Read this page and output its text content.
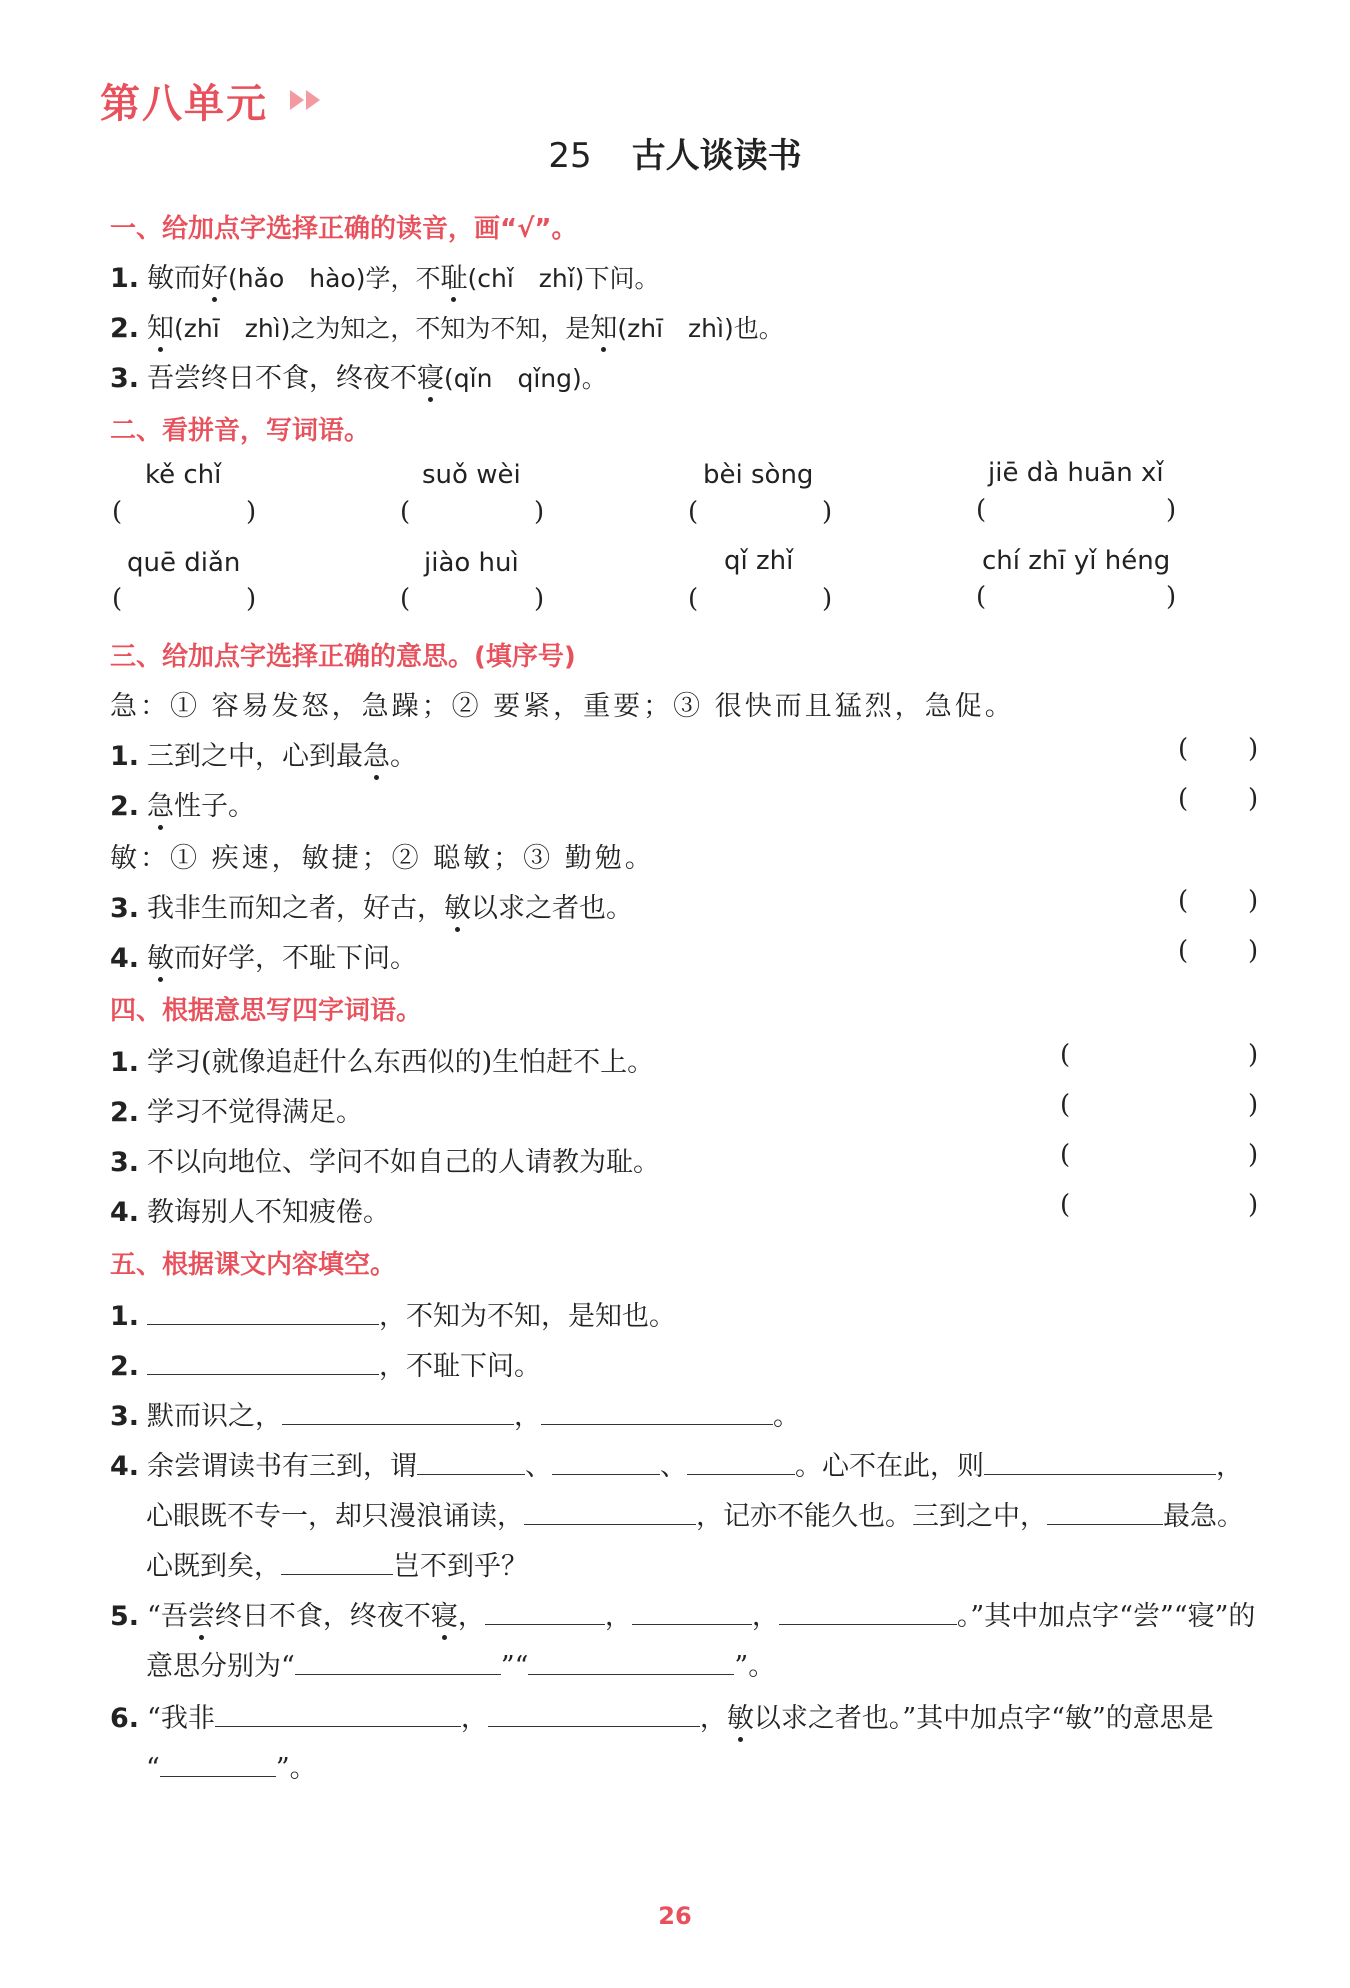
第八单元
25 古人谈读书
一、给加点字选择正确的读音，画“√”。
1. 敏而好(hǎo　hào)学，不耻(chǐ　zhǐ)下问。
2. 知(zhī　zhì)之为知之，不知为不知，是知(zhī　zhì)也。
3. 吾尝终日不食，终夜不寝(qǐn　qǐng)。
二、看拼音，写词语。
kě chǐ	suǒ wèi	bèi sòng	jiē dà huān xǐ
(	)	(	)	(	)	(	)
quē diǎn	jiào huì	qǐ zhǐ	chí zhī yǐ héng
(	)	(	)	(	)	(	)
三、给加点字选择正确的意思。(填序号)
急：① 容易发怒，急躁；② 要紧，重要；③ 很快而且猛烈，急促。
1. 三到之中，心到最急。	( )
2. 急性子。	( )
敏：① 疾速，敏捷；② 聪敏；③ 勤勉。
3. 我非生而知之者，好古，敏以求之者也。	( )
4. 敏而好学，不耻下问。	( )
四、根据意思写四字词语。
1. 学习(就像追赶什么东西似的)生怕赶不上。	(	)
2. 学习不觉得满足。	(	)
3. 不以向地位、学问不如自己的人请教为耻。	(	)
4. 教诲别人不知疲倦。	(	)
五、根据课文内容填空。
1.	，不知为不知，是知也。
2.	，不耻下问。
3. 默而识之，	，	。
4. 余尝谓读书有三到，谓	、	、	。心不在此，则	，
心眼既不专一，却只漫浪诵读，	，记亦不能久也。三到之中，	最急。
心既到矣，	岂不到乎？
5. “吾尝终日不食，终夜不寝，	，	，	。”其中加点字“尝”“寝”的
意思分别为“	”“	”。
6. “我非	，	，敏以求之者也。”其中加点字“敏”的意思是
“	”。
26
